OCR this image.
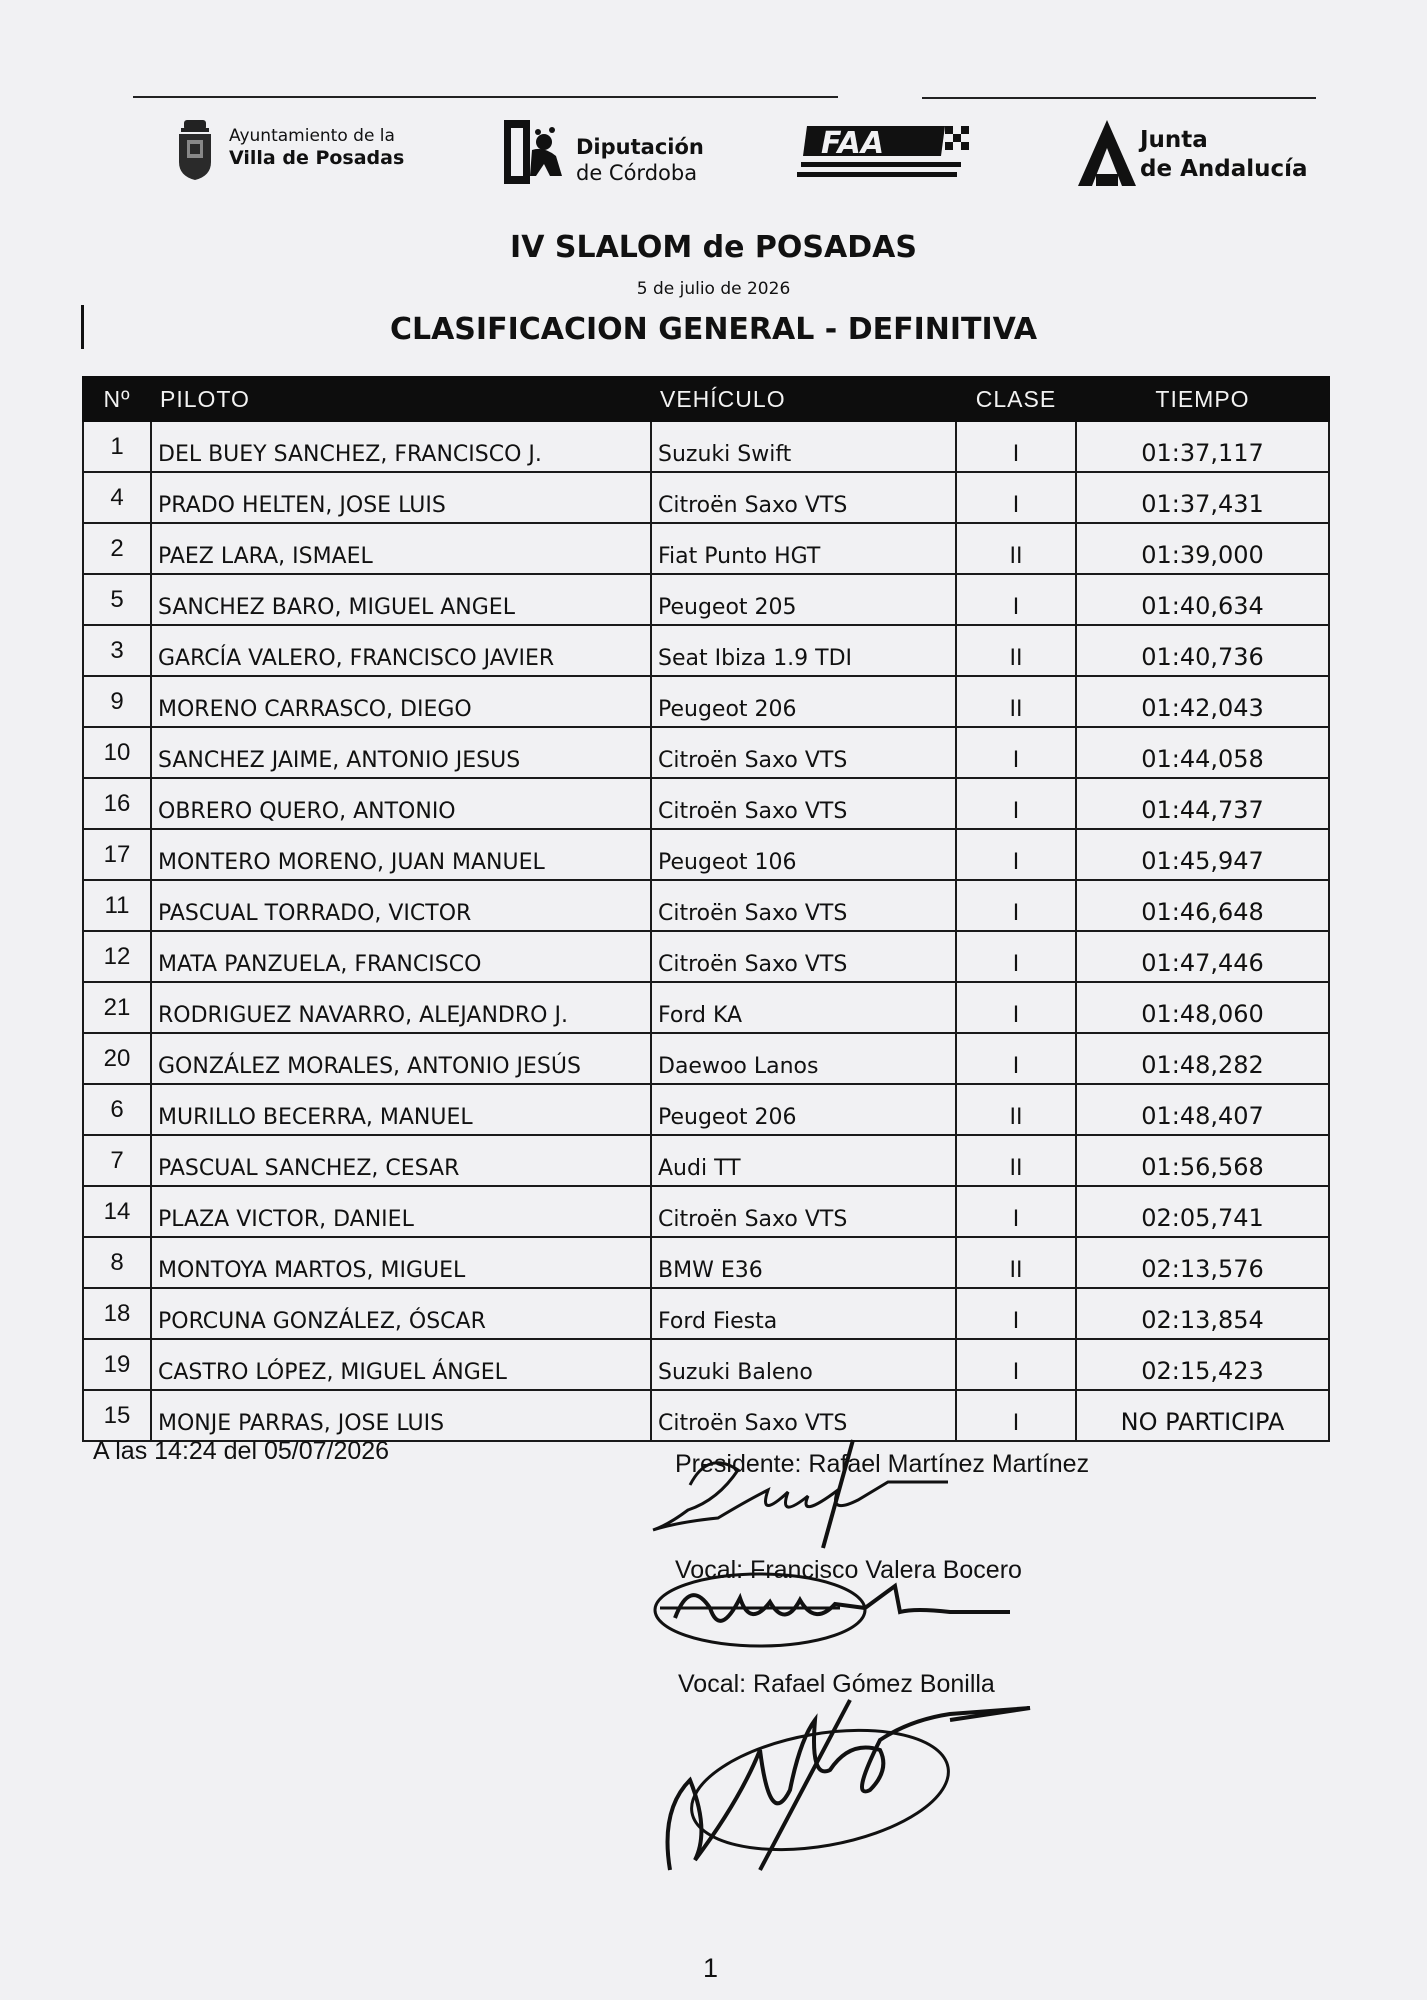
Ayuntamiento de la
Villa de Posadas	Diputación
de Córdoba
FAA	Junta
de Andalucía
IV SLALOM de POSADAS
5 de julio de 2026
CLASIFICACION GENERAL - DEFINITIVA
Nº	PILOTO	VEHÍCULO	CLASE	TIEMPO
1	DEL BUEY SANCHEZ, FRANCISCO J.	Suzuki Swift	I	01:37,117
4	PRADO HELTEN, JOSE LUIS	Citroën Saxo VTS	I	01:37,431
2	PAEZ LARA, ISMAEL	Fiat Punto HGT	II	01:39,000
5	SANCHEZ BARO, MIGUEL ANGEL	Peugeot 205	I	01:40,634
3	GARCÍA VALERO, FRANCISCO JAVIER	Seat Ibiza 1.9 TDI	II	01:40,736
9	MORENO CARRASCO, DIEGO	Peugeot 206	II	01:42,043
10	SANCHEZ JAIME, ANTONIO JESUS	Citroën Saxo VTS	I	01:44,058
16	OBRERO QUERO, ANTONIO	Citroën Saxo VTS	I	01:44,737
17	MONTERO MORENO, JUAN MANUEL	Peugeot 106	I	01:45,947
11	PASCUAL TORRADO, VICTOR	Citroën Saxo VTS	I	01:46,648
12	MATA PANZUELA, FRANCISCO	Citroën Saxo VTS	I	01:47,446
21	RODRIGUEZ NAVARRO, ALEJANDRO J.	Ford KA	I	01:48,060
20	GONZÁLEZ MORALES, ANTONIO JESÚS	Daewoo Lanos	I	01:48,282
6	MURILLO BECERRA, MANUEL	Peugeot 206	II	01:48,407
7	PASCUAL SANCHEZ, CESAR	Audi TT	II	01:56,568
14	PLAZA VICTOR, DANIEL	Citroën Saxo VTS	I	02:05,741
8	MONTOYA MARTOS, MIGUEL	BMW E36	II	02:13,576
18	PORCUNA GONZÁLEZ, ÓSCAR	Ford Fiesta	I	02:13,854
19	CASTRO LÓPEZ, MIGUEL ÁNGEL	Suzuki Baleno	I	02:15,423
15	MONJE PARRAS, JOSE LUIS	Citroën Saxo VTS	I	NO PARTICIPA
A las 14:24 del 05/07/2026	Presidente: Rafael Martínez Martínez
Vocal: Francisco Valera Bocero
Vocal: Rafael Gómez Bonilla
1
